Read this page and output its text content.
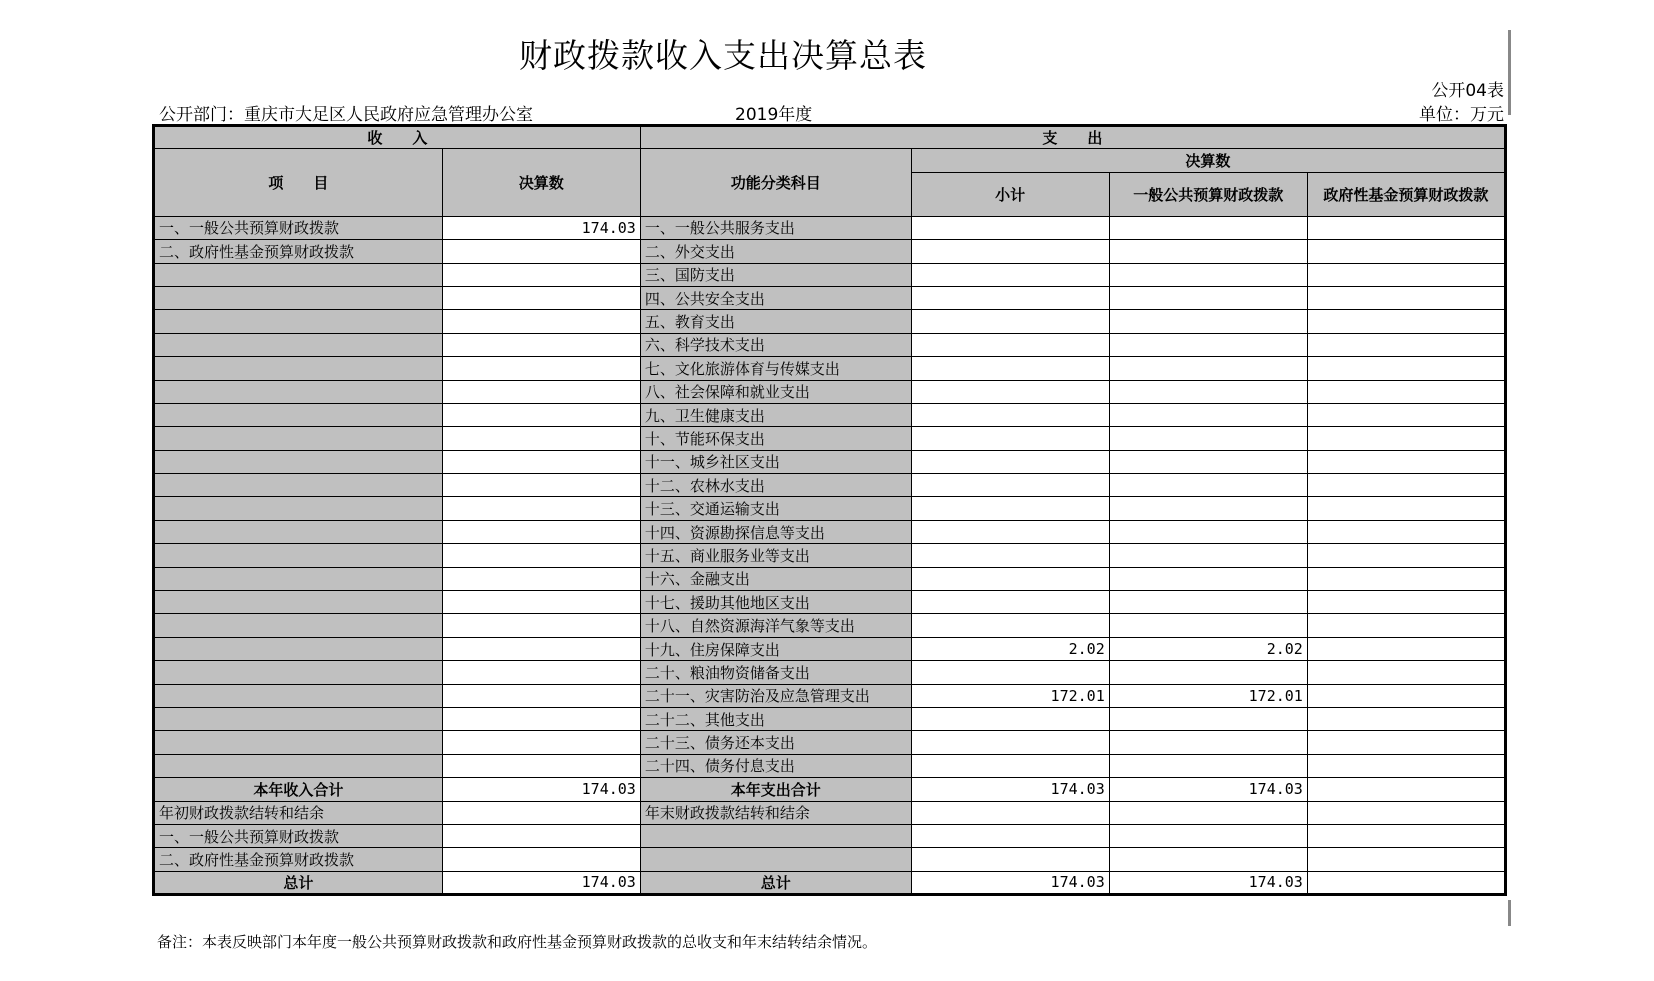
财政拨款收入支出决算总表
公开04表
公开部门：重庆市大足区人民政府应急管理办公室	2019年度	单位：万元
收　　入		支　　出			
项　　目	决算数	功能分类科目	决算数		
			小计	一般公共预算财政拨款	政府性基金预算财政拨款
一、一般公共预算财政拨款	174.03	一、一般公共服务支出			
二、政府性基金预算财政拨款		二、外交支出			
		三、国防支出			
		四、公共安全支出			
		五、教育支出			
		六、科学技术支出			
		七、文化旅游体育与传媒支出			
		八、社会保障和就业支出			
		九、卫生健康支出			
		十、节能环保支出			
		十一、城乡社区支出			
		十二、农林水支出			
		十三、交通运输支出			
		十四、资源勘探信息等支出			
		十五、商业服务业等支出			
		十六、金融支出			
		十七、援助其他地区支出			
		十八、自然资源海洋气象等支出			
		十九、住房保障支出	2.02	2.02	
		二十、粮油物资储备支出			
		二十一、灾害防治及应急管理支出	172.01	172.01	
		二十二、其他支出			
		二十三、债务还本支出			
		二十四、债务付息支出			
本年收入合计	174.03	本年支出合计	174.03	174.03	
年初财政拨款结转和结余		年末财政拨款结转和结余			
一、一般公共预算财政拨款					
二、政府性基金预算财政拨款					
总计	174.03	总计	174.03	174.03	
备注：本表反映部门本年度一般公共预算财政拨款和政府性基金预算财政拨款的总收支和年末结转结余情况。
